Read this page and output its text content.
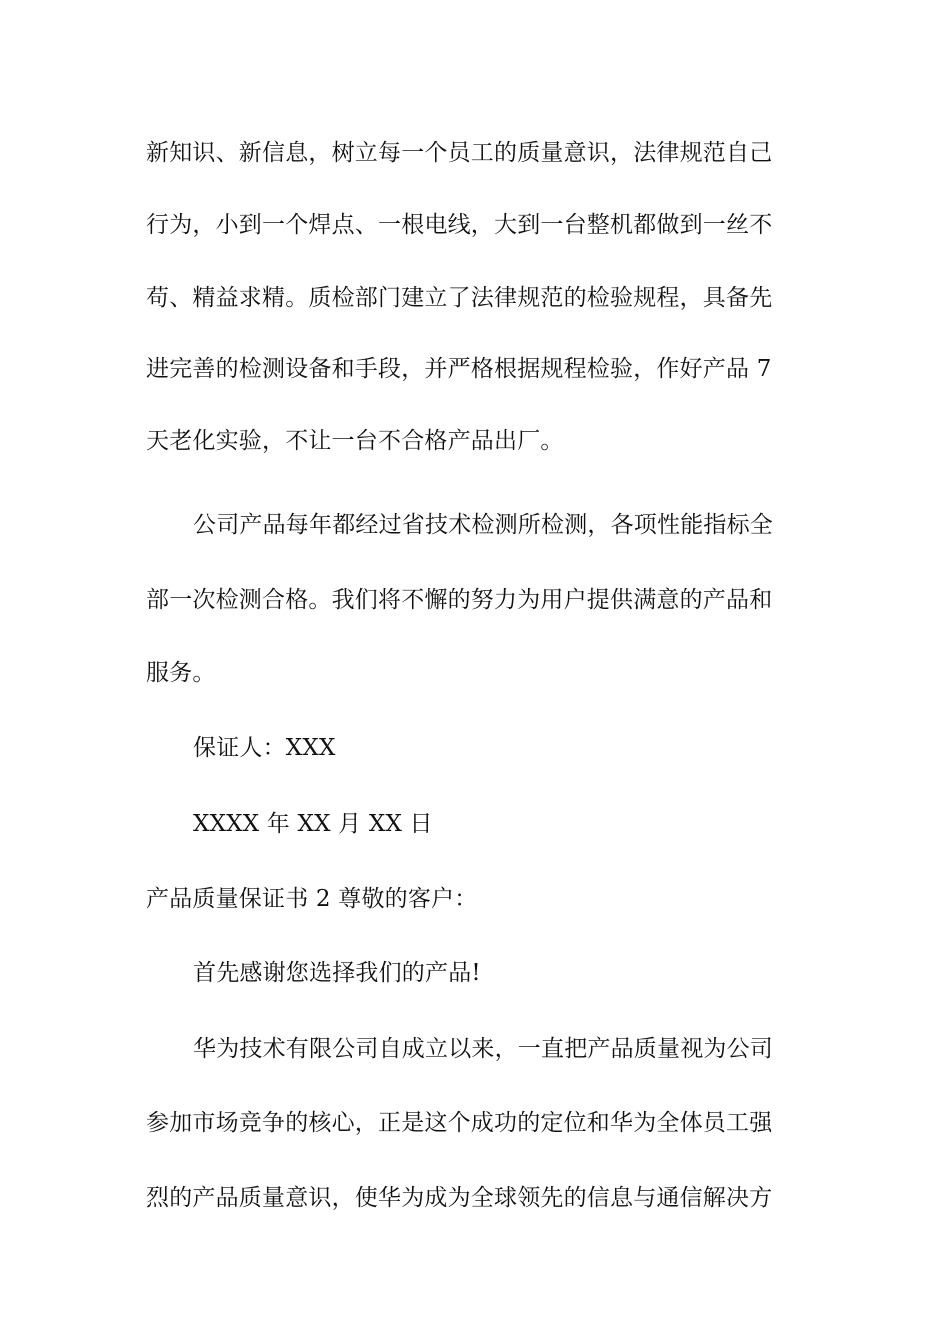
新知识、新信息，树立每一个员工的质量意识，法律规范自己
行为，小到一个焊点、一根电线，大到一台整机都做到一丝不
苟、精益求精。质检部门建立了法律规范的检验规程，具备先
进完善的检测设备和手段，并严格根据规程检验，作好产品 7
天老化实验，不让一台不合格产品出厂。
公司产品每年都经过省技术检测所检测，各项性能指标全
部一次检测合格。我们将不懈的努力为用户提供满意的产品和
服务。
保证人：XXX
XXXX 年 XX 月 XX 日
产品质量保证书 2 尊敬的客户：
首先感谢您选择我们的产品!
华为技术有限公司自成立以来，一直把产品质量视为公司
参加市场竞争的核心，正是这个成功的定位和华为全体员工强
烈的产品质量意识，使华为成为全球领先的信息与通信解决方
